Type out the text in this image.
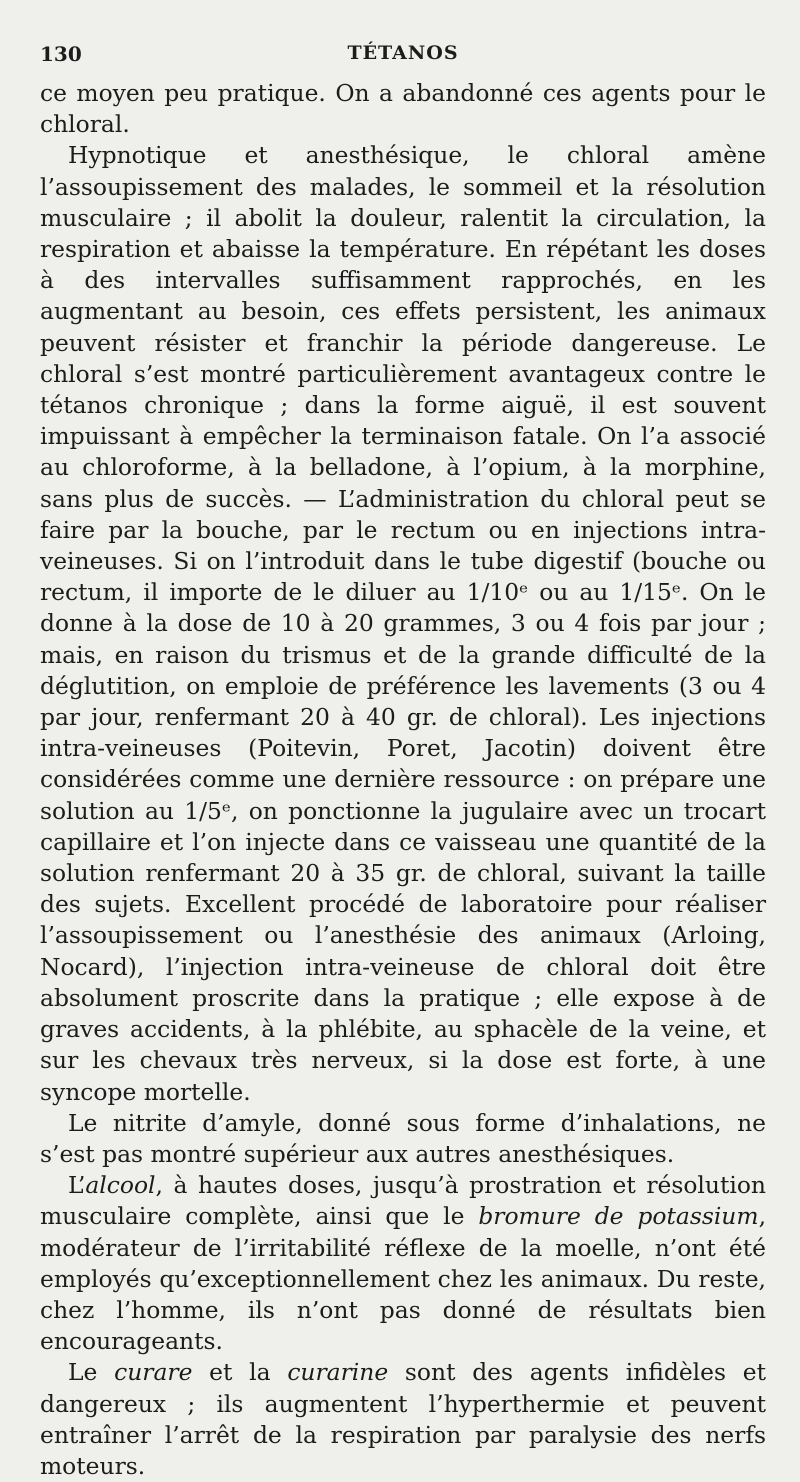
130	TÉTANOS

ce moyen peu pratique. On a abandonné ces agents pour le chloral.

Hypnotique et anesthésique, le chloral amène l’assoupissement des malades, le sommeil et la résolution musculaire ; il abolit la douleur, ralentit la circulation, la respiration et abaisse la température. En répétant les doses à des intervalles suffisamment rapprochés, en les augmentant au besoin, ces effets persistent, les animaux peuvent résister et franchir la période dangereuse. Le chloral s’est montré particulièrement avantageux contre le tétanos chronique ; dans la forme aiguë, il est souvent impuissant à empêcher la terminaison fatale. On l’a associé au chloroforme, à la belladone, à l’opium, à la morphine, sans plus de succès. — L’administration du chloral peut se faire par la bouche, par le rectum ou en injections intra-veineuses. Si on l’introduit dans le tube digestif (bouche ou rectum, il importe de le diluer au 1/10ᵉ ou au 1/15ᵉ. On le donne à la dose de 10 à 20 grammes, 3 ou 4 fois par jour ; mais, en raison du trismus et de la grande difficulté de la déglutition, on emploie de préférence les lavements (3 ou 4 par jour, renfermant 20 à 40 gr. de chloral). Les injections intra-veineuses (Poitevin, Poret, Jacotin) doivent être considérées comme une dernière ressource : on prépare une solution au 1/5ᵉ, on ponctionne la jugulaire avec un trocart capillaire et l’on injecte dans ce vaisseau une quantité de la solution renfermant 20 à 35 gr. de chloral, suivant la taille des sujets. Excellent procédé de laboratoire pour réaliser l’assoupissement ou l’anesthésie des animaux (Arloing, Nocard), l’injection intra-veineuse de chloral doit être absolument proscrite dans la pratique ; elle expose à de graves accidents, à la phlébite, au sphacèle de la veine, et sur les chevaux très nerveux, si la dose est forte, à une syncope mortelle.

Le nitrite d’amyle, donné sous forme d’inhalations, ne s’est pas montré supérieur aux autres anesthésiques.

L’alcool, à hautes doses, jusqu’à prostration et résolution musculaire complète, ainsi que le bromure de potassium, modérateur de l’irritabilité réflexe de la moelle, n’ont été employés qu’exceptionnellement chez les animaux. Du reste, chez l’homme, ils n’ont pas donné de résultats bien encourageants.

Le curare et la curarine sont des agents infidèles et dangereux ; ils augmentent l’hyperthermie et peuvent entraîner l’arrêt de la respiration par paralysie des nerfs moteurs.
